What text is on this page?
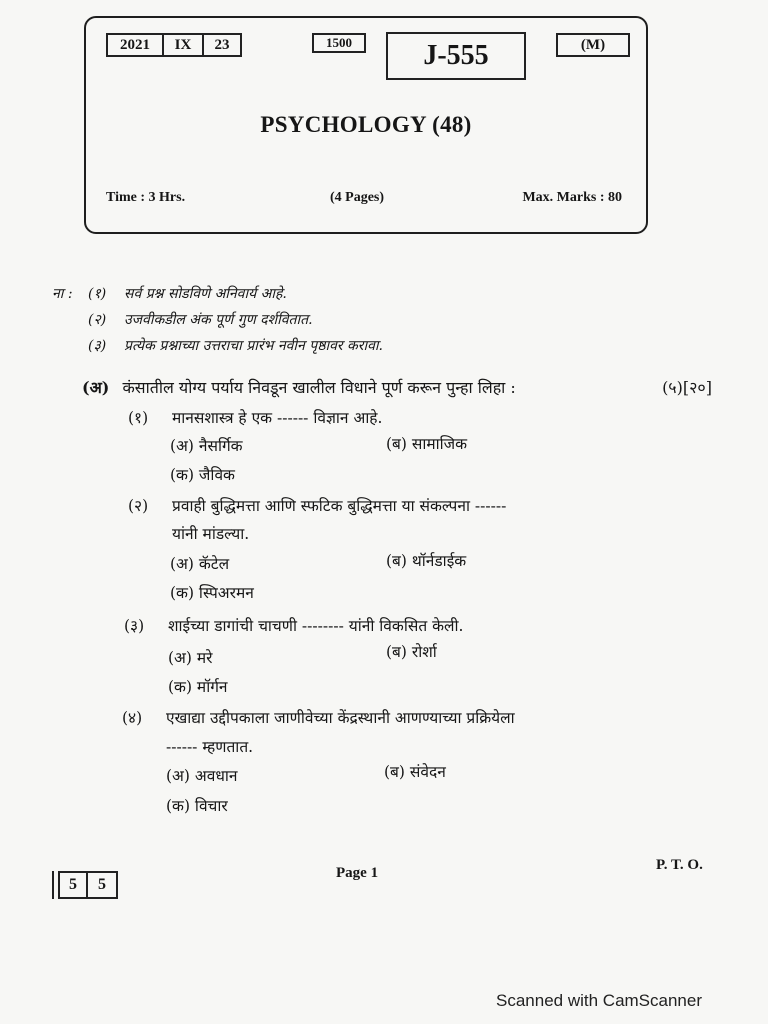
2021	IX	23	1500	J-555	(M)
PSYCHOLOGY (48)
Time : 3 Hrs.	(4 Pages)	Max. Marks : 80
ना :	(१)	सर्व प्रश्न सोडविणे अनिवार्य आहे.
(२)	उजवीकडील अंक पूर्ण गुण दर्शवितात.
(३)	प्रत्येक प्रश्नाच्या उत्तराचा प्रारंभ नवीन पृष्ठावर करावा.
(अ) कंसातील योग्य पर्याय निवडून खालील विधाने पूर्ण करून पुन्हा लिहा :	(५)[२०]
(१) मानसशास्त्र हे एक ------ विज्ञान आहे.
(अ) नैसर्गिक	(ब) सामाजिक
(क) जैविक
(२) प्रवाही बुद्धिमत्ता आणि स्फटिक बुद्धिमत्ता या संकल्पना ------
यांनी मांडल्या.
(अ) कॅटेल	(ब) थॉर्नडाईक
(क) स्पिअरमन
(३) शाईच्या डागांची चाचणी -------- यांनी विकसित केली.
(अ) मरे	(ब) रोर्शा
(क) मॉर्गन
(४) एखाद्या उद्दीपकाला जाणीवेच्या केंद्रस्थानी आणण्याच्या प्रक्रियेला
------ म्हणतात.
(अ) अवधान	(ब) संवेदन
(क) विचार
5	5
Page 1	P. T. O.
Scanned with CamScanner
